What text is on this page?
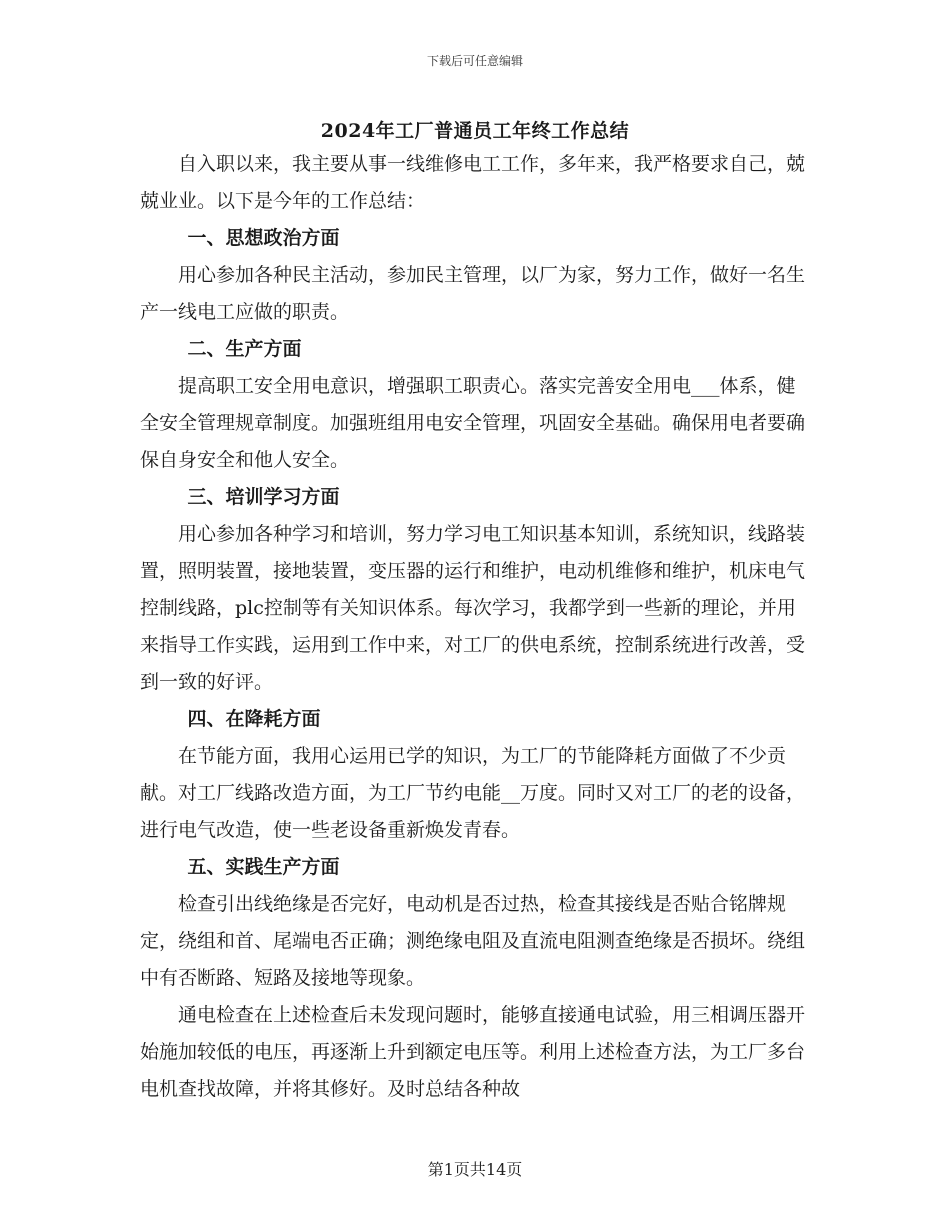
下载后可任意编辑
2024年工厂普通员工年终工作总结

自入职以来，我主要从事一线维修电工工作，多年来，我严格要求自己，兢兢业业。以下是今年的工作总结：

一、思想政治方面

用心参加各种民主活动，参加民主管理，以厂为家，努力工作，做好一名生产一线电工应做的职责。

二、生产方面

提高职工安全用电意识，增强职工职责心。落实完善安全用电___体系，健全安全管理规章制度。加强班组用电安全管理，巩固安全基础。确保用电者要确保自身安全和他人安全。

三、培训学习方面

用心参加各种学习和培训，努力学习电工知识基本知训，系统知识，线路装置，照明装置，接地装置，变压器的运行和维护，电动机维修和维护，机床电气控制线路，plc控制等有关知识体系。每次学习，我都学到一些新的理论，并用来指导工作实践，运用到工作中来，对工厂的供电系统，控制系统进行改善，受到一致的好评。

四、在降耗方面

在节能方面，我用心运用已学的知识，为工厂的节能降耗方面做了不少贡献。对工厂线路改造方面，为工厂节约电能__万度。同时又对工厂的老的设备，进行电气改造，使一些老设备重新焕发青春。

五、实践生产方面

检查引出线绝缘是否完好，电动机是否过热，检查其接线是否贴合铭牌规定，绕组和首、尾端电否正确；测绝缘电阻及直流电阻测查绝缘是否损坏。绕组中有否断路、短路及接地等现象。

通电检查在上述检查后未发现问题时，能够直接通电试验，用三相调压器开始施加较低的电压，再逐渐上升到额定电压等。利用上述检查方法，为工厂多台电机查找故障，并将其修好。及时总结各种故

第1页共14页
